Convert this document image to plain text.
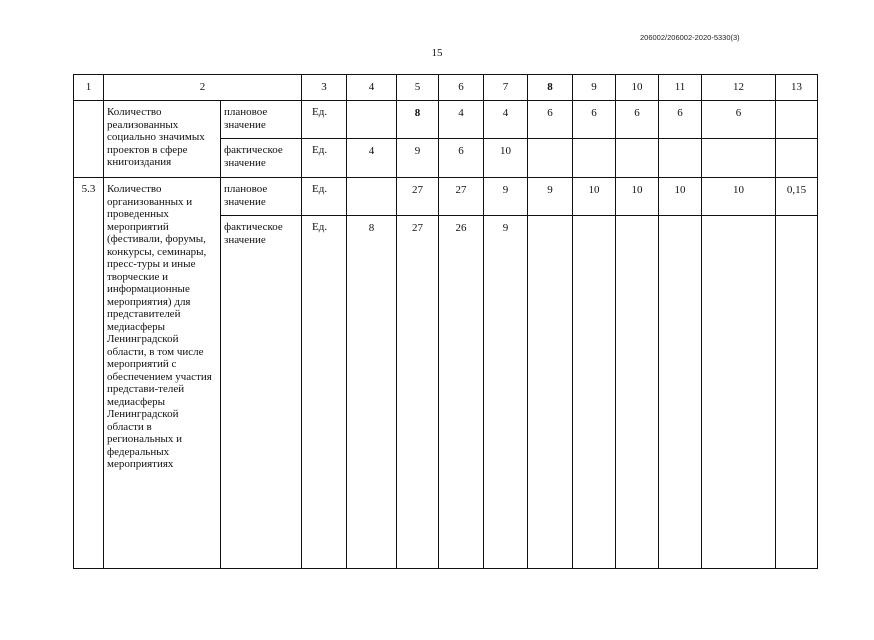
206002/206002-2020-5330(3)
15
1	2		3	4	5	6	7	8	9	10	11	12	13
	Количество реализованных социально значимых проектов в сфере книгоиздания	плановое значение	Ед.		8	4	4	6	6	6	6	6	
		фактическое значение	Ед.	4	9	6	10						
5.3	Количество организованных и проведенных мероприятий (фестивали, форумы, конкурсы, семинары, пресс-туры и иные творческие и информационные мероприятия) для представителей медиасферы Ленинградской области, в том числе мероприятий с обеспечением участия представи-телей медиасферы Ленинградской области в региональных и федеральных мероприятиях	плановое значение	Ед.		27	27	9	9	10	10	10	10	0,15
		фактическое значение	Ед.	8	27	26	9						
